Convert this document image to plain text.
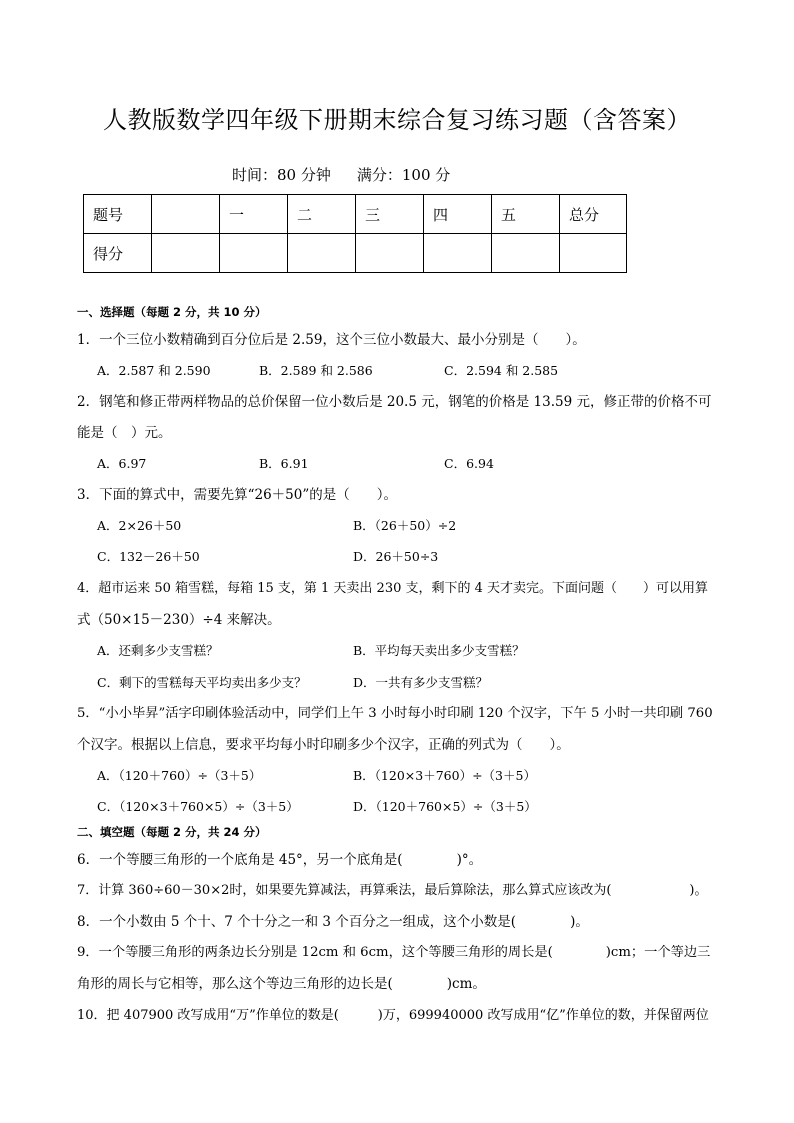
人教版数学四年级下册期末综合复习练习题（含答案）
时间：80 分钟 满分：100 分
题号		一	二	三	四	五	总分
得分							
一、选择题（每题 2 分，共 10 分）
1．一个三位小数精确到百分位后是 2.59，这个三位小数最大、最小分别是（　　）。
A．2.587 和 2.590	B．2.589 和 2.586	C．2.594 和 2.585
2．钢笔和修正带两样物品的总价保留一位小数后是 20.5 元，钢笔的价格是 13.59 元，修正带的价格不可
能是（　）元。
A．6.97	B．6.91	C．6.94
3．下面的算式中，需要先算“26＋50”的是（　　）。
A．2×26＋50	B．（26＋50）÷2
C．132－26＋50	D．26＋50÷3
4．超市运来 50 箱雪糕，每箱 15 支，第 1 天卖出 230 支，剩下的 4 天才卖完。下面问题（　　）可以用算
式（50×15－230）÷4 来解决。
A．还剩多少支雪糕？	B．平均每天卖出多少支雪糕？
C．剩下的雪糕每天平均卖出多少支？	D．一共有多少支雪糕？
5．“小小毕昇”活字印刷体验活动中，同学们上午 3 小时每小时印刷 120 个汉字，下午 5 小时一共印刷 760
个汉字。根据以上信息，要求平均每小时印刷多少个汉字，正确的列式为（　　）。
A．（120＋760）÷（3＋5）	B．（120×3＋760）÷（3＋5）
C．（120×3＋760×5）÷（3＋5）	D．（120＋760×5）÷（3＋5）
二、填空题（每题 2 分，共 24 分）
6．一个等腰三角形的一个底角是 45°，另一个底角是(　　　　)°。
7．计算 360÷60－30×2时，如果要先算减法，再算乘法，最后算除法，那么算式应该改为(　　　　　　)。
8．一个小数由 5 个十、7 个十分之一和 3 个百分之一组成，这个小数是(　　　　)。
9．一个等腰三角形的两条边长分别是 12cm 和 6cm，这个等腰三角形的周长是(　　　　)cm；一个等边三
角形的周长与它相等，那么这个等边三角形的边长是(　　　　)cm。
10．把 407900 改写成用“万”作单位的数是(　　　)万，699940000 改写成用“亿”作单位的数，并保留两位
